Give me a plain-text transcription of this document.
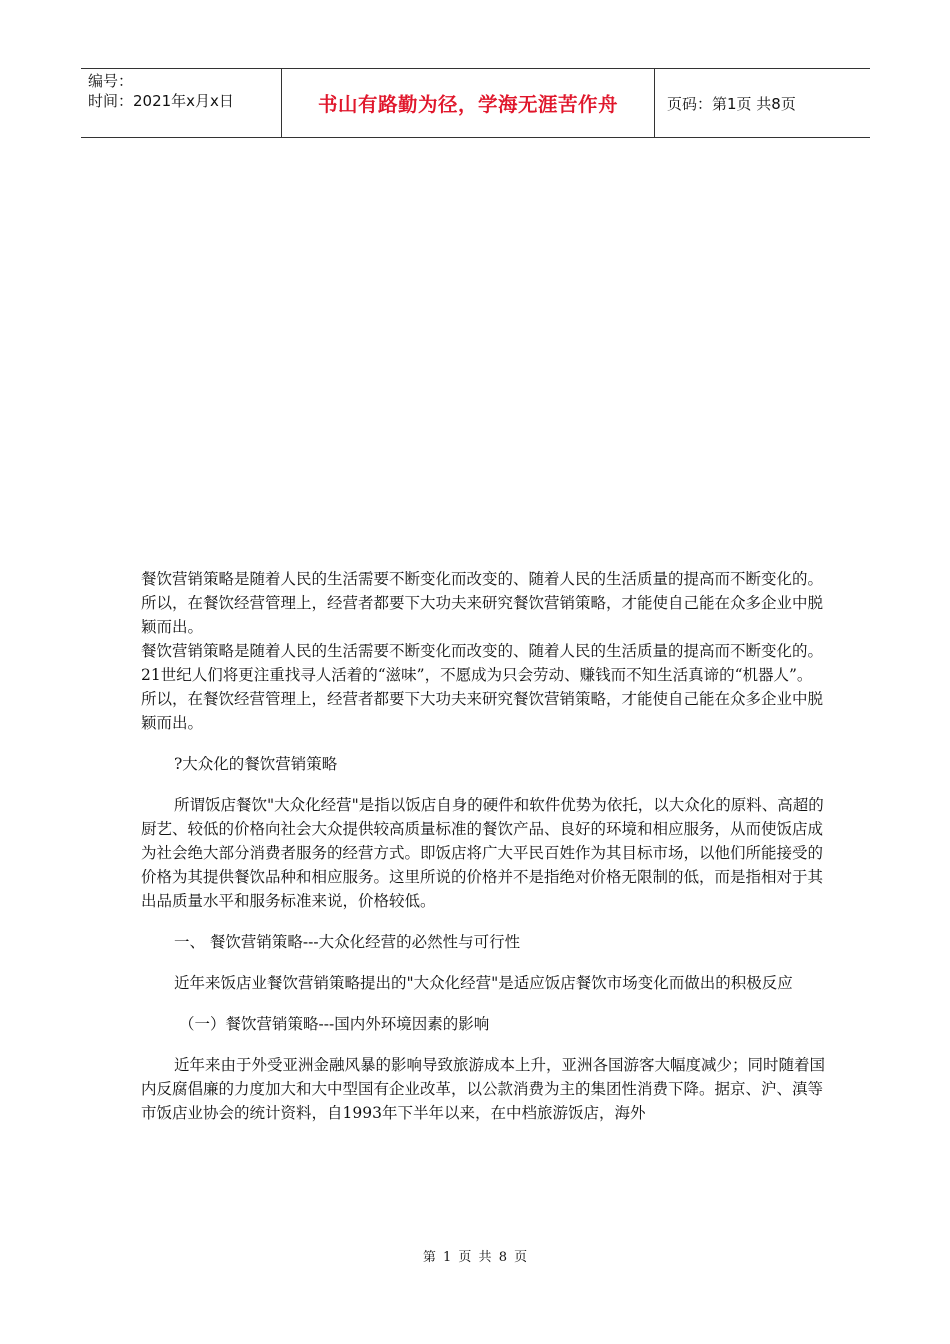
编号：
时间：2021年x月x日	书山有路勤为径，学海无涯苦作舟	页码：第1页 共8页

餐饮营销策略是随着人民的生活需要不断变化而改变的、随着人民的生活质量的提高而不断变化的。所以，在餐饮经营管理上，经营者都要下大功夫来研究餐饮营销策略，才能使自己能在众多企业中脱颖而出。

餐饮营销策略是随着人民的生活需要不断变化而改变的、随着人民的生活质量的提高而不断变化的。21世纪人们将更注重找寻人活着的“滋味”，不愿成为只会劳动、赚钱而不知生活真谛的“机器人”。所以，在餐饮经营管理上，经营者都要下大功夫来研究餐饮营销策略，才能使自己能在众多企业中脱颖而出。

?大众化的餐饮营销策略

所谓饭店餐饮"大众化经营"是指以饭店自身的硬件和软件优势为依托，以大众化的原料、高超的厨艺、较低的价格向社会大众提供较高质量标准的餐饮产品、良好的环境和相应服务，从而使饭店成为社会绝大部分消费者服务的经营方式。即饭店将广大平民百姓作为其目标市场，以他们所能接受的价格为其提供餐饮品种和相应服务。这里所说的价格并不是指绝对价格无限制的低，而是指相对于其出品质量水平和服务标准来说，价格较低。

一、 餐饮营销策略---大众化经营的必然性与可行性

近年来饭店业餐饮营销策略提出的"大众化经营"是适应饭店餐饮市场变化而做出的积极反应

（一）餐饮营销策略---国内外环境因素的影响

近年来由于外受亚洲金融风暴的影响导致旅游成本上升，亚洲各国游客大幅度减少；同时随着国内反腐倡廉的力度加大和大中型国有企业改革，以公款消费为主的集团性消费下降。据京、沪、滇等市饭店业协会的统计资料，自1993年下半年以来，在中档旅游饭店，海外

第 1 页 共 8 页
